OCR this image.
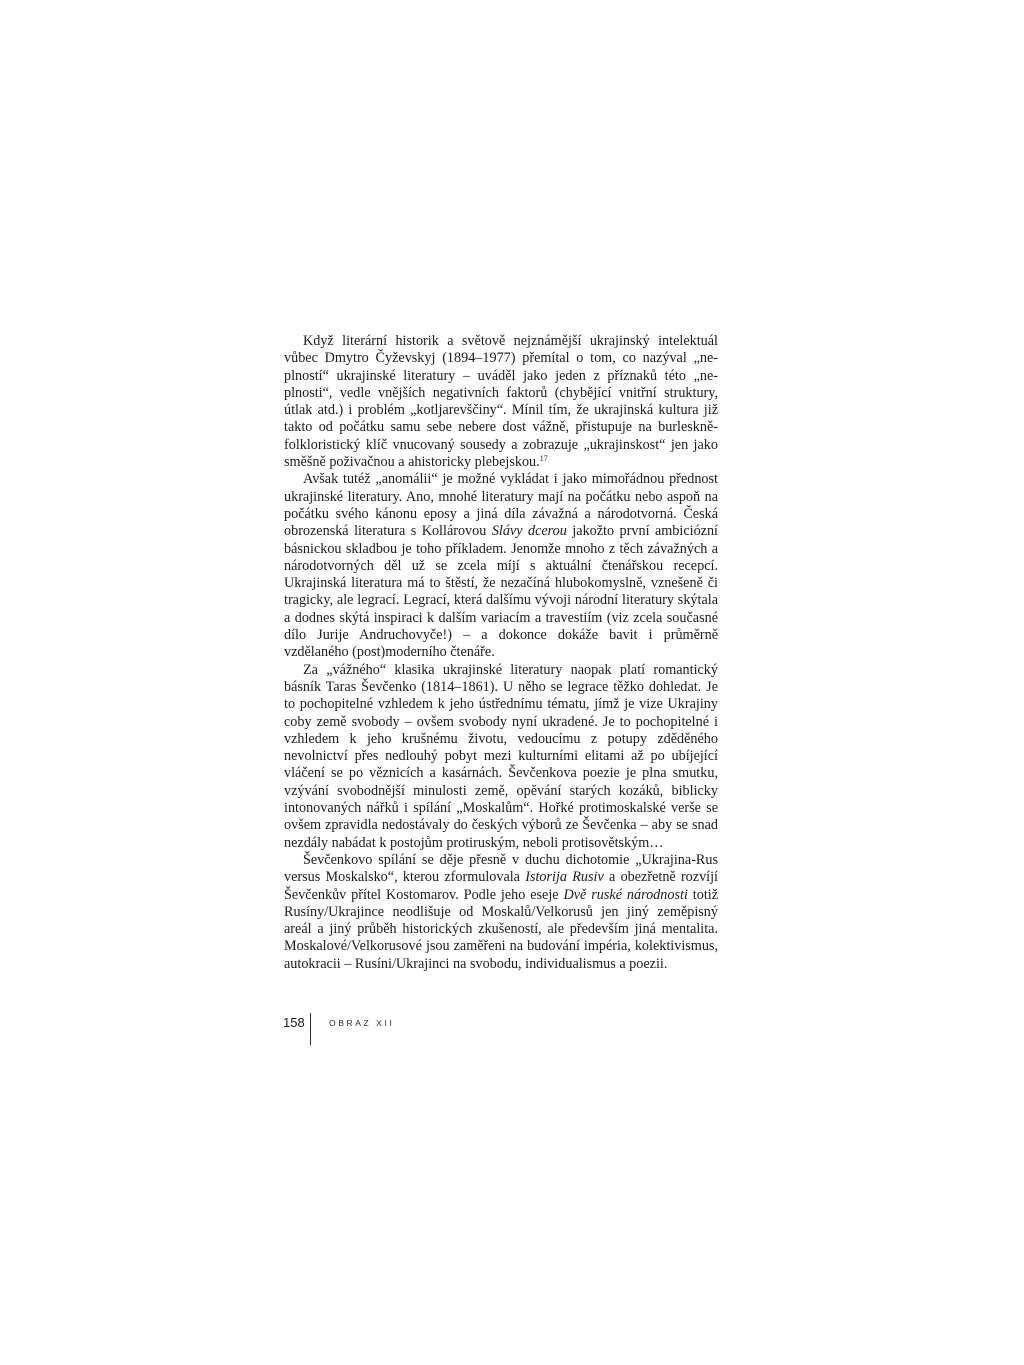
Když literární historik a světově nejznámější ukrajinský intelektuál vůbec Dmytro Čyževskyj (1894–1977) přemítal o tom, co nazýval „neplností“ ukrajinské literatury – uváděl jako jeden z příznaků této „neplnosti“, vedle vnějších negativních faktorů (chybějící vnitřní struktury, útlak atd.) i problém „kotljarevščiny“. Mínil tím, že ukrajinská kultura již takto od počátku samu sebe nebere dost vážně, přistupuje na burleskně-folkloristický klíč vnucovaný sousedy a zobrazuje „ukrajinskost“ jen jako směšně poživačnou a ahistoricky plebejskou.$^{17}$

Avšak tutéž „anomálii“ je možné vykládat i jako mimořádnou přednost ukrajinské literatury. Ano, mnohé literatury mají na počátku nebo aspoň na počátku svého kánonu eposy a jiná díla závažná a národotvorná. Česká obrozenská literatura s Kollárovou Slávy dcerou jakožto první ambiciózní básnickou skladbou je toho příkladem. Jenomže mnoho z těch závažných a národotvorných děl už se zcela míjí s aktuální čtenářskou recepcí. Ukrajinská literatura má to štěstí, že nezačíná hlubokomyslně, vznešeně či tragicky, ale legrací. Legrací, která dalšímu vývoji národní literatury skýtala a dodnes skýtá inspiraci k dalším variacím a travestiím (viz zcela současné dílo Jurije Andruchovyče!) – a dokonce dokáže bavit i průměrně vzdělaného (post)moderního čtenáře.

Za „vážného“ klasika ukrajinské literatury naopak platí romantický básník Taras Ševčenko (1814–1861). U něho se legrace těžko dohledat. Je to pochopitelné vzhledem k jeho ústřednímu tématu, jímž je vize Ukrajiny coby země svobody – ovšem svobody nyní ukradené. Je to pochopitelné i vzhledem k jeho krušnému životu, vedoucímu z potupy zděděného nevolnictví přes nedlouhý pobyt mezi kulturními elitami až po ubíjející vláčení se po věznicích a kasárnách. Ševčenkova poezie je plna smutku, vzývání svobodnější minulosti země, opěvání starých kozáků, biblicky intonovaných nářků i spílání „Moskalům“. Hořké protimoskalské verše se ovšem zpravidla nedostávaly do českých výborů ze Ševčenka – aby se snad nezdály nabádat k postojům protiruským, neboli protisovětským…

Ševčenkovo spílání se děje přesně v duchu dichotomie „Ukrajina-Rus versus Moskalsko“, kterou zformulovala Istorija Rusiv a obezřetně rozvíjí Ševčenkův přítel Kostomarov. Podle jeho eseje Dvě ruské národnosti totiž Rusíny/Ukrajince neodlišuje od Moskalů/Velkorusů jen jiný zeměpisný areál a jiný průběh historických zkušeností, ale především jiná mentalita. Moskalové/Velkorusové jsou zaměřeni na budování impéria, kolektivismus, autokracii – Rusíni/Ukrajinci na svobodu, individualismus a poezii.

158	OBRAZ XII
